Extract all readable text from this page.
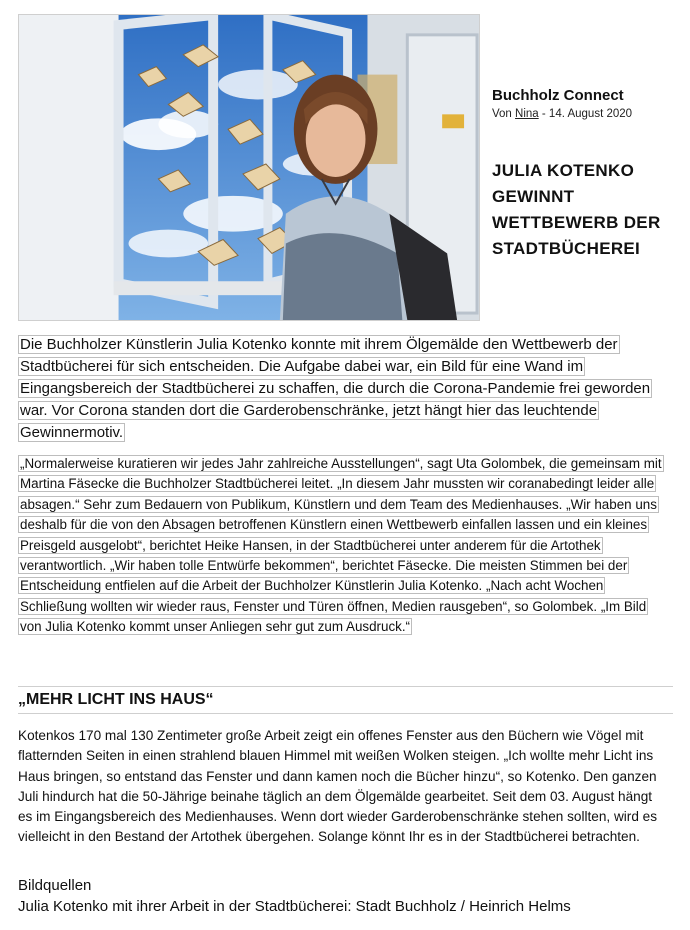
Buchholz Connect
Von Nina - 14. August 2020
JULIA KOTENKO GEWINNT WETTBEWERB DER STADTBÜCHEREI
Die Buchholzer Künstlerin Julia Kotenko konnte mit ihrem Ölgemälde den Wettbewerb der Stadtbücherei für sich entscheiden. Die Aufgabe dabei war, ein Bild für eine Wand im Eingangsbereich der Stadtbücherei zu schaffen, die durch die Corona-Pandemie frei geworden war. Vor Corona standen dort die Garderobenschränke, jetzt hängt hier das leuchtende Gewinnermotiv.
„Normalerweise kuratieren wir jedes Jahr zahlreiche Ausstellungen“, sagt Uta Golombek, die gemeinsam mit Martina Fäsecke die Buchholzer Stadtbücherei leitet. „In diesem Jahr mussten wir coranabedingt leider alle absagen.“ Sehr zum Bedauern von Publikum, Künstlern und dem Team des Medienhauses. „Wir haben uns deshalb für die von den Absagen betroffenen Künstlern einen Wettbewerb einfallen lassen und ein kleines Preisgeld ausgelobt“, berichtet Heike Hansen, in der Stadtbücherei unter anderem für die Artothek verantwortlich. „Wir haben tolle Entwürfe bekommen“, berichtet Fäsecke. Die meisten Stimmen bei der Entscheidung entfielen auf die Arbeit der Buchholzer Künstlerin Julia Kotenko. „Nach acht Wochen Schließung wollten wir wieder raus, Fenster und Türen öffnen, Medien rausgeben“, so Golombek. „Im Bild von Julia Kotenko kommt unser Anliegen sehr gut zum Ausdruck.“
„MEHR LICHT INS HAUS“
Kotenkos 170 mal 130 Zentimeter große Arbeit zeigt ein offenes Fenster aus den Büchern wie Vögel mit flatternden Seiten in einen strahlend blauen Himmel mit weißen Wolken steigen. „Ich wollte mehr Licht ins Haus bringen, so entstand das Fenster und dann kamen noch die Bücher hinzu“, so Kotenko. Den ganzen Juli hindurch hat die 50-Jährige beinahe täglich an dem Ölgemälde gearbeitet. Seit dem 03. August hängt es im Eingangsbereich des Medienhauses. Wenn dort wieder Garderobenschränke stehen sollten, wird es vielleicht in den Bestand der Artothek übergehen. Solange könnt Ihr es in der Stadtbücherei betrachten.
Bildquellen
Julia Kotenko mit ihrer Arbeit in der Stadtbücherei: Stadt Buchholz / Heinrich Helms
